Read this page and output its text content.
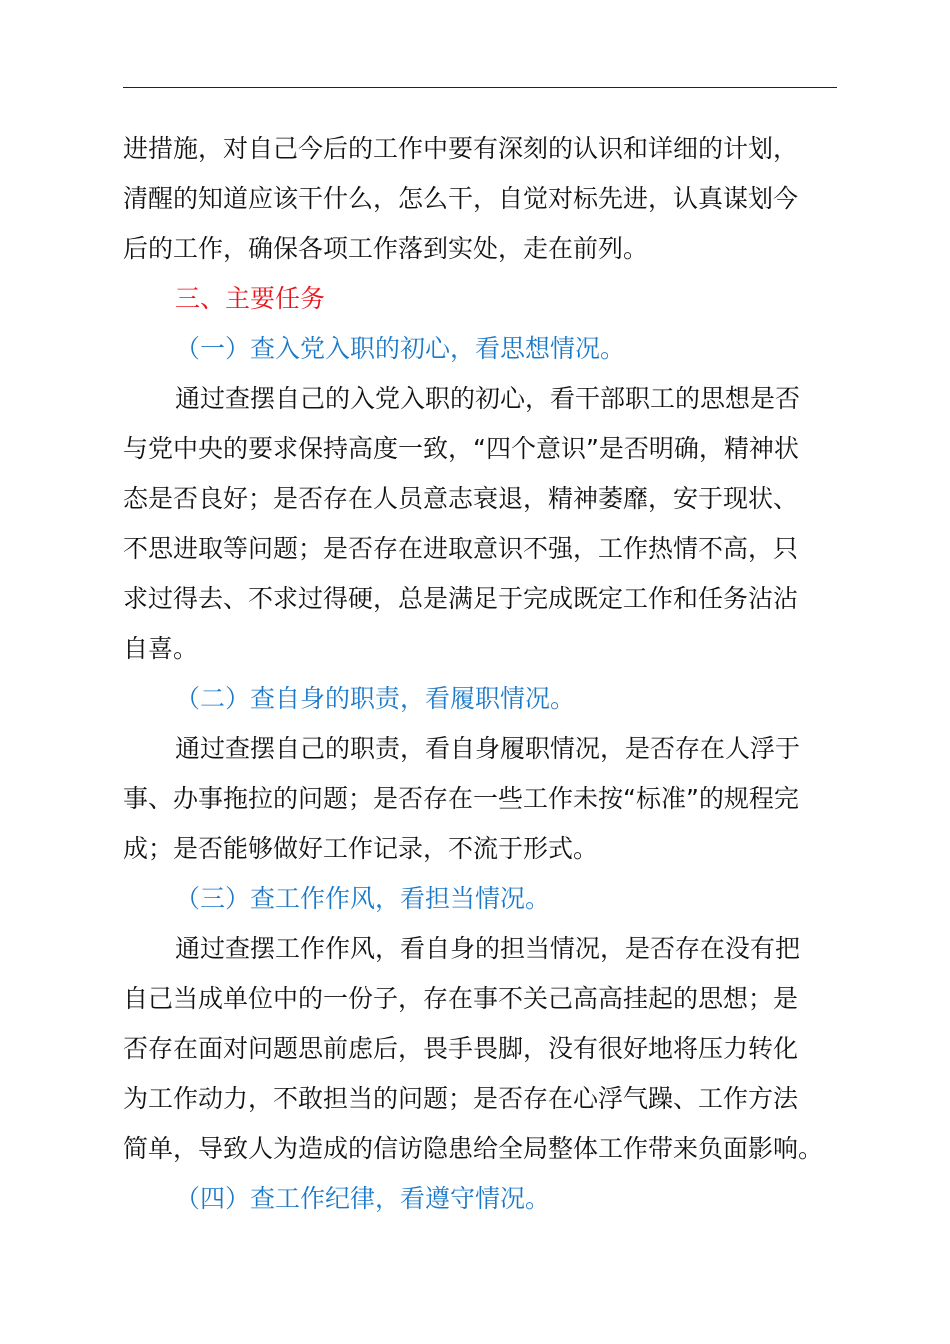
进措施，对自己今后的工作中要有深刻的认识和详细的计划，
清醒的知道应该干什么，怎么干，自觉对标先进，认真谋划今
后的工作，确保各项工作落到实处，走在前列。
三、主要任务
（一）查入党入职的初心，看思想情况。
通过查摆自己的入党入职的初心，看干部职工的思想是否
与党中央的要求保持高度一致，“四个意识”是否明确，精神状
态是否良好；是否存在人员意志衰退，精神萎靡，安于现状、
不思进取等问题；是否存在进取意识不强，工作热情不高，只
求过得去、不求过得硬，总是满足于完成既定工作和任务沾沾
自喜。
（二）查自身的职责，看履职情况。
通过查摆自己的职责，看自身履职情况，是否存在人浮于
事、办事拖拉的问题；是否存在一些工作未按“标准”的规程完
成；是否能够做好工作记录，不流于形式。
（三）查工作作风，看担当情况。
通过查摆工作作风，看自身的担当情况，是否存在没有把
自己当成单位中的一份子，存在事不关己高高挂起的思想；是
否存在面对问题思前虑后，畏手畏脚，没有很好地将压力转化
为工作动力，不敢担当的问题；是否存在心浮气躁、工作方法
简单，导致人为造成的信访隐患给全局整体工作带来负面影响。
（四）查工作纪律，看遵守情况。
